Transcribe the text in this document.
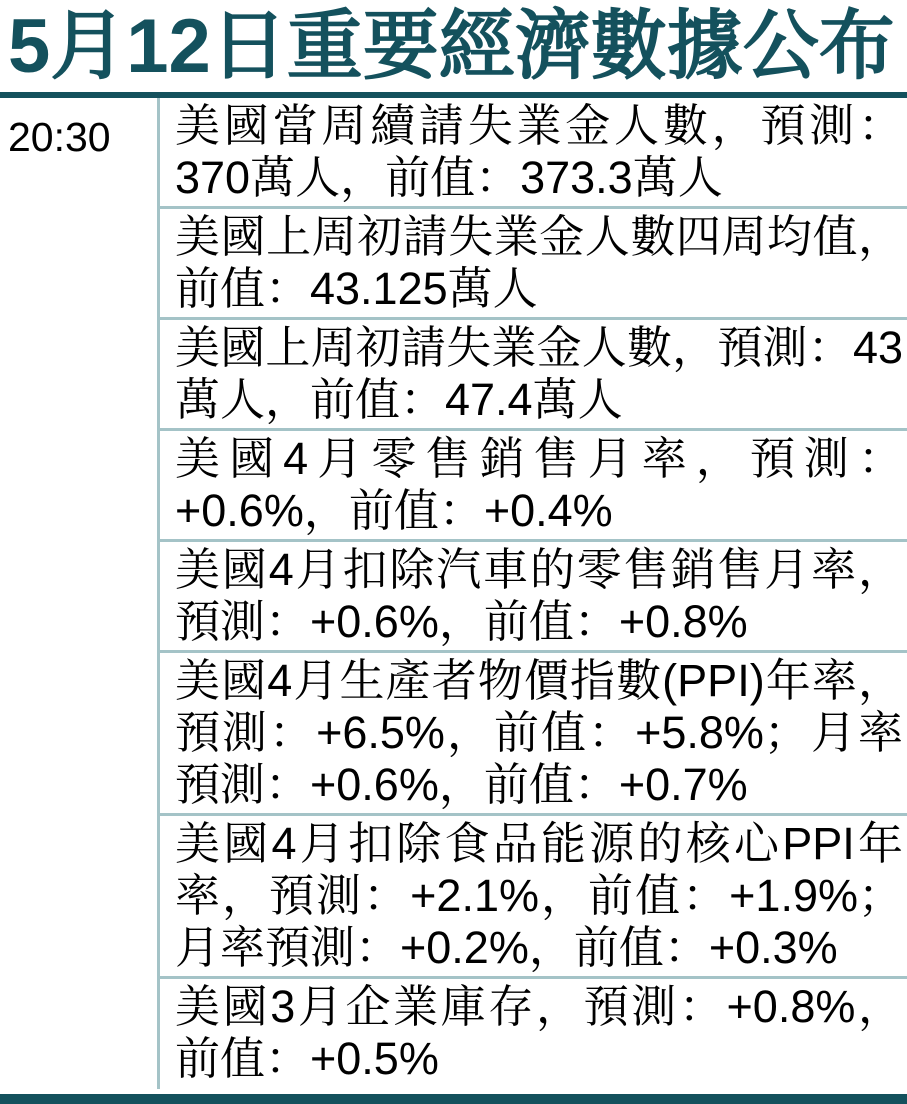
5月12日重要經濟數據公布
20:30	美國當周續請失業金人數，預測：370萬人，前值：373.3萬人
美國上周初請失業金人數四周均值，前值：43.125萬人
美國上周初請失業金人數，預測：43萬人，前值：47.4萬人
美國4月零售銷售月率，預測：+0.6%，前值：+0.4%
美國4月扣除汽車的零售銷售月率，預測：+0.6%，前值：+0.8%
美國4月生產者物價指數(PPI)年率，預測：+6.5%，前值：+5.8%；月率預測：+0.6%，前值：+0.7%
美國4月扣除食品能源的核心PPI年率，預測：+2.1%，前值：+1.9%；月率預測：+0.2%，前值：+0.3%
美國3月企業庫存，預測：+0.8%，前值：+0.5%
